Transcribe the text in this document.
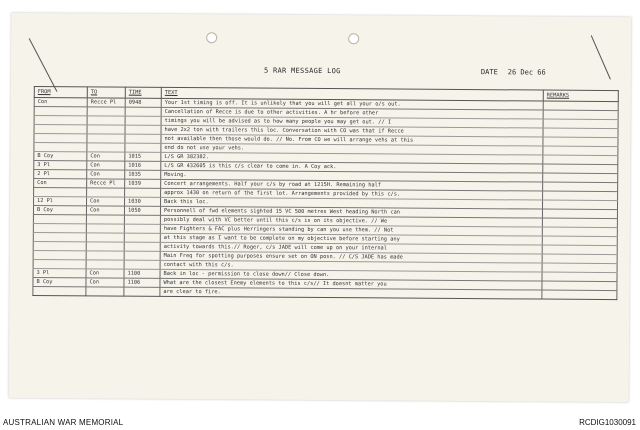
5 RAR MESSAGE LOG	DATE 26 Dec 66
FROM	TO	TIME	TEXT	REMARKS
Con	Recce Pl	0948	Your 1st timing is off. It is unlikely that you will get all your o/s out.	
			Cancellation of Recce is due to other activities. A hr before other	
			timings you will be advised as to how many people you may get out. // I	
			have 2x2 ton with trailers this loc. Conversation with CO was that if Recce	
			not available then those would do. // No. From CO we will arrange vehs at this	
			end do not use your vehs.	
B Coy	Con	1015	L/S GR 382382.	
3 Pl	Con	1016	L/S GR 432605 is this c/s clear to come in. A Coy ack.	
2 Pl	Con	1035	Moving.	
Con	Recce Pl	1039	Concert arrangements. Half your c/s by road at 1215H. Remaining half	
			approx 1430 on return of the first lot. Arrangements provided by this c/s.	
12 Pl	Con	1030	Back this loc.	
B Coy	Con	1050	Personnell of fwd elements sighted 15 VC 500 metres West heading North can	
			possibly deal with VC better until this c/s is on its objective. // We	
			have Fighters & FAC plus Herringers standing by can you use them. // Not	
			at this stage as I want to be complete on my objective before starting any	
			activity towards this.// Roger, c/s JADE will come up on your internal	
			Main Freq for spotting purposes ensure set on ON posn. // C/S JADE has made	
			contact with this c/s.	
3 Pl	Con	1100	Back in loc - permission to close down// Close down.	
B Coy	Con	1106	What are the closest Enemy elements to this c/s// It doesnt matter you	
			are clear to fire.	
AUSTRALIAN WAR MEMORIAL	RCDIG1030091
